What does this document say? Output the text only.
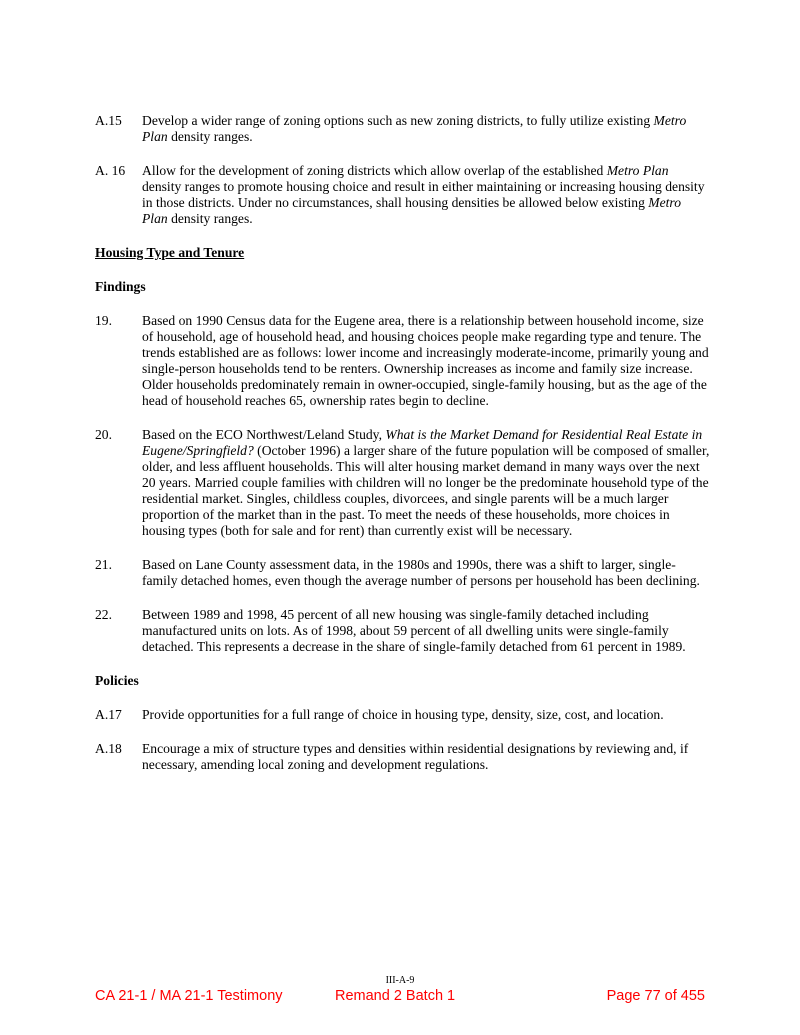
A.15	Develop a wider range of zoning options such as new zoning districts, to fully utilize existing Metro Plan density ranges.
A. 16	Allow for the development of zoning districts which allow overlap of the established Metro Plan density ranges to promote housing choice and result in either maintaining or increasing housing density in those districts. Under no circumstances, shall housing densities be allowed below existing Metro Plan density ranges.
Housing Type and Tenure
Findings
19.	Based on 1990 Census data for the Eugene area, there is a relationship between household income, size of household, age of household head, and housing choices people make regarding type and tenure. The trends established are as follows: lower income and increasingly moderate-income, primarily young and single-person households tend to be renters. Ownership increases as income and family size increase. Older households predominately remain in owner-occupied, single-family housing, but as the age of the head of household reaches 65, ownership rates begin to decline.
20.	Based on the ECO Northwest/Leland Study, What is the Market Demand for Residential Real Estate in Eugene/Springfield? (October 1996) a larger share of the future population will be composed of smaller, older, and less affluent households. This will alter housing market demand in many ways over the next 20 years. Married couple families with children will no longer be the predominate household type of the residential market. Singles, childless couples, divorcees, and single parents will be a much larger proportion of the market than in the past. To meet the needs of these households, more choices in housing types (both for sale and for rent) than currently exist will be necessary.
21.	Based on Lane County assessment data, in the 1980s and 1990s, there was a shift to larger, single-family detached homes, even though the average number of persons per household has been declining.
22.	Between 1989 and 1998, 45 percent of all new housing was single-family detached including manufactured units on lots. As of 1998, about 59 percent of all dwelling units were single-family detached. This represents a decrease in the share of single-family detached from 61 percent in 1989.
Policies
A.17	Provide opportunities for a full range of choice in housing type, density, size, cost, and location.
A.18	Encourage a mix of structure types and densities within residential designations by reviewing and, if necessary, amending local zoning and development regulations.
III-A-9
CA 21-1 / MA 21-1 Testimony	Remand 2 Batch 1	Page 77 of 455
